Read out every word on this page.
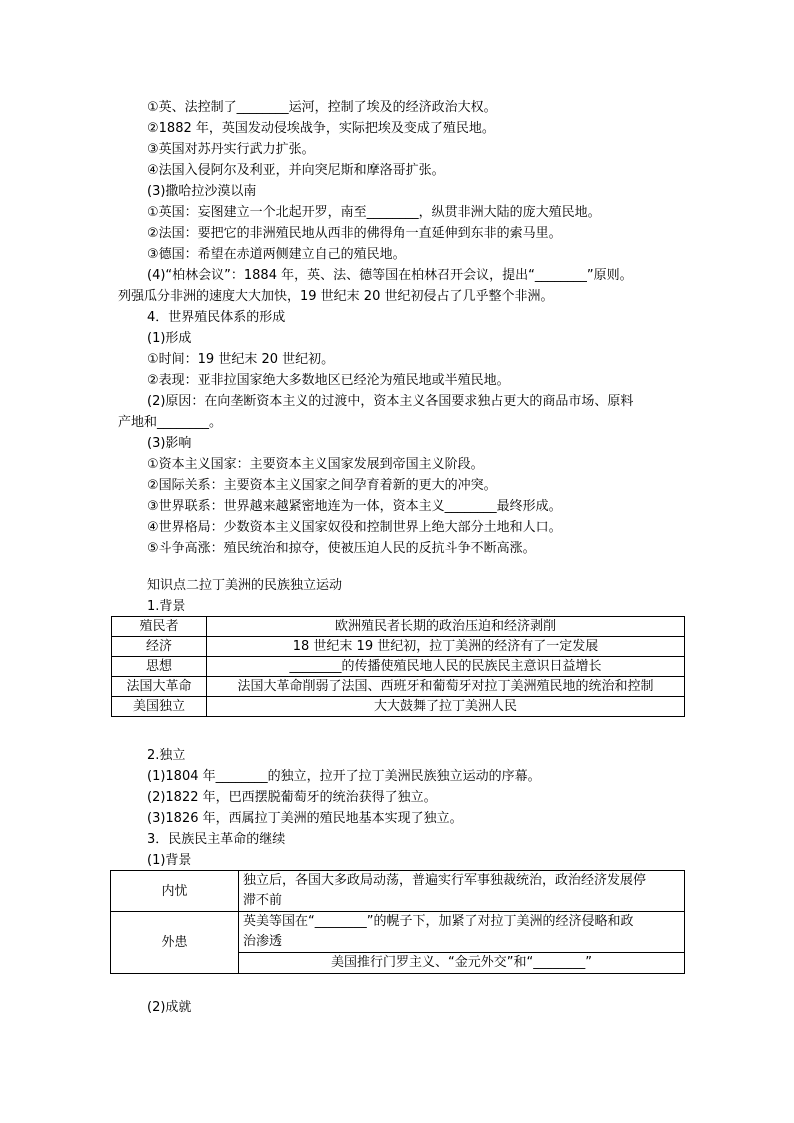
①英、法控制了________运河，控制了埃及的经济政治大权。
②1882 年，英国发动侵埃战争，实际把埃及变成了殖民地。
③英国对苏丹实行武力扩张。
④法国入侵阿尔及利亚，并向突尼斯和摩洛哥扩张。
(3)撒哈拉沙漠以南
①英国：妄图建立一个北起开罗，南至________，纵贯非洲大陆的庞大殖民地。
②法国：要把它的非洲殖民地从西非的佛得角一直延伸到东非的索马里。
③德国：希望在赤道两侧建立自己的殖民地。
(4)“柏林会议”：1884 年，英、法、德等国在柏林召开会议，提出“________”原则。
列强瓜分非洲的速度大大加快，19 世纪末 20 世纪初侵占了几乎整个非洲。
4．世界殖民体系的形成
(1)形成
①时间：19 世纪末 20 世纪初。
②表现：亚非拉国家绝大多数地区已经沦为殖民地或半殖民地。
(2)原因：在向垄断资本主义的过渡中，资本主义各国要求独占更大的商品市场、原料
产地和________。
(3)影响
①资本主义国家：主要资本主义国家发展到帝国主义阶段。
②国际关系：主要资本主义国家之间孕育着新的更大的冲突。
③世界联系：世界越来越紧密地连为一体，资本主义________最终形成。
④世界格局：少数资本主义国家奴役和控制世界上绝大部分土地和人口。
⑤斗争高涨：殖民统治和掠夺，使被压迫人民的反抗斗争不断高涨。
知识点二拉丁美洲的民族独立运动
1.背景
殖民者	欧洲殖民者长期的政治压迫和经济剥削
经济	18 世纪末 19 世纪初，拉丁美洲的经济有了一定发展
思想	________的传播使殖民地人民的民族民主意识日益增长
法国大革命	法国大革命削弱了法国、西班牙和葡萄牙对拉丁美洲殖民地的统治和控制
美国独立	大大鼓舞了拉丁美洲人民
2.独立
(1)1804 年________的独立，拉开了拉丁美洲民族独立运动的序幕。
(2)1822 年，巴西摆脱葡萄牙的统治获得了独立。
(3)1826 年，西属拉丁美洲的殖民地基本实现了独立。
3．民族民主革命的继续
(1)背景
内忧	独立后，各国大多政局动荡，普遍实行军事独裁统治，政治经济发展停
滞不前

外患	英美等国在“________”的幌子下，加紧了对拉丁美洲的经济侵略和政
治渗透

	美国推行门罗主义、“金元外交”和“________”
(2)成就
